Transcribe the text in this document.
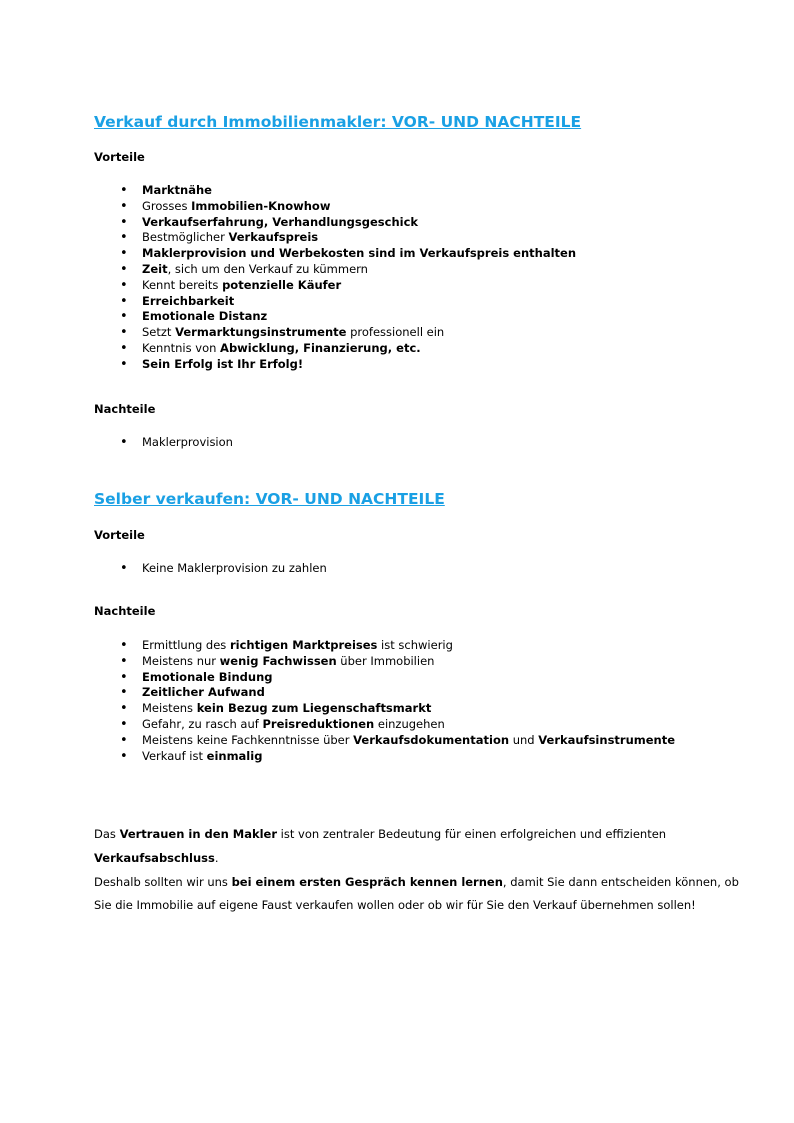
Verkauf durch Immobilienmakler: VOR- UND NACHTEILE

Vorteile

• Marktnähe
• Grosses Immobilien-Knowhow
• Verkaufserfahrung, Verhandlungsgeschick
• Bestmöglicher Verkaufspreis
• Maklerprovision und Werbekosten sind im Verkaufspreis enthalten
• Zeit, sich um den Verkauf zu kümmern
• Kennt bereits potenzielle Käufer
• Erreichbarkeit
• Emotionale Distanz
• Setzt Vermarktungsinstrumente professionell ein
• Kenntnis von Abwicklung, Finanzierung, etc.
• Sein Erfolg ist Ihr Erfolg!

Nachteile

• Maklerprovision
Selber verkaufen: VOR- UND NACHTEILE

Vorteile

• Keine Maklerprovision zu zahlen

Nachteile

• Ermittlung des richtigen Marktpreises ist schwierig
• Meistens nur wenig Fachwissen über Immobilien
• Emotionale Bindung
• Zeitlicher Aufwand
• Meistens kein Bezug zum Liegenschaftsmarkt
• Gefahr, zu rasch auf Preisreduktionen einzugehen
• Meistens keine Fachkenntnisse über Verkaufsdokumentation und Verkaufsinstrumente
• Verkauf ist einmalig
Das Vertrauen in den Makler ist von zentraler Bedeutung für einen erfolgreichen und effizienten
Verkaufsabschluss.
Deshalb sollten wir uns bei einem ersten Gespräch kennen lernen, damit Sie dann entscheiden können, ob
Sie die Immobilie auf eigene Faust verkaufen wollen oder ob wir für Sie den Verkauf übernehmen sollen!
